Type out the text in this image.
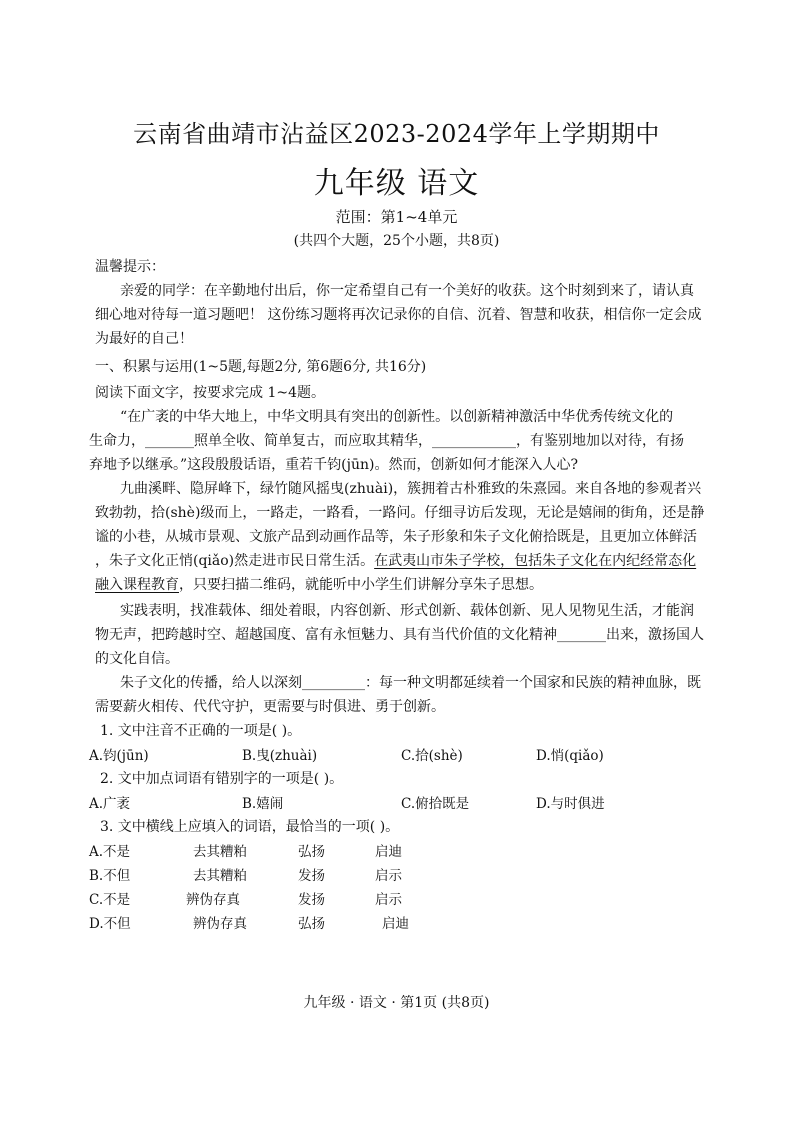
云南省曲靖市沾益区2023-2024学年上学期期中
九年级 语文
范围：第1~4单元
(共四个大题，25个小题，共8页)
温馨提示：
亲爱的同学：在辛勤地付出后，你一定希望自己有一个美好的收获。这个时刻到来了，请认真
细心地对待每一道习题吧！ 这份练习题将再次记录你的自信、沉着、智慧和收获，相信你一定会成
为最好的自己！
一、积累与运用(1~5题,每题2分, 第6题6分, 共16分)
阅读下面文字，按要求完成 1~4题。
“在广袤的中华大地上，中华文明具有突出的创新性。以创新精神激活中华优秀传统文化的
生命力，_______照单全收、简单复古，而应取其精华，____________，有鉴别地加以对待，有扬
弃地予以继承。”这段殷殷话语，重若千钧(jūn)。然而，创新如何才能深入人心?
九曲溪畔、隐屏峰下，绿竹随风摇曳(zhuài)，簇拥着古朴雅致的朱熹园。来自各地的参观者兴
致勃勃，拾(shè)级而上，一路走，一路看，一路问。仔细寻访后发现，无论是嬉闹的街角，还是静
谧的小巷，从城市景观、文旅产品到动画作品等，朱子形象和朱子文化俯拾既是，且更加立体鲜活
，朱子文化正悄(qiǎo)然走进市民日常生活。在武夷山市朱子学校，包括朱子文化在内纪经常态化
融入课程教育，只要扫描二维码，就能听中小学生们讲解分享朱子思想。
实践表明，找准载体、细处着眼，内容创新、形式创新、载体创新、见人见物见生活，才能润
物无声，把跨越时空、超越国度、富有永恒魅力、具有当代价值的文化精神_______出来，激扬国人
的文化自信。
朱子文化的传播，给人以深刻_________：每一种文明都延续着一个国家和民族的精神血脉，既
需要薪火相传、代代守护，更需要与时俱进、勇于创新。
1. 文中注音不正确的一项是( )。
A.钧(jūn)	B.曳(zhuài)	C.拾(shè)	D.悄(qiǎo)
2. 文中加点词语有错别字的一项是( )。
A.广袤	B.嬉闹	C.俯拾既是	D.与时俱进
3. 文中横线上应填入的词语，最恰当的一项( )。
A.不是	去其糟粕	弘扬	启迪
B.不但	去其糟粕	发扬	启示
C.不是	辨伪存真	发扬	启示
D.不但	辨伪存真	弘扬	启迪
九年级 · 语文 · 第1页 (共8页)
